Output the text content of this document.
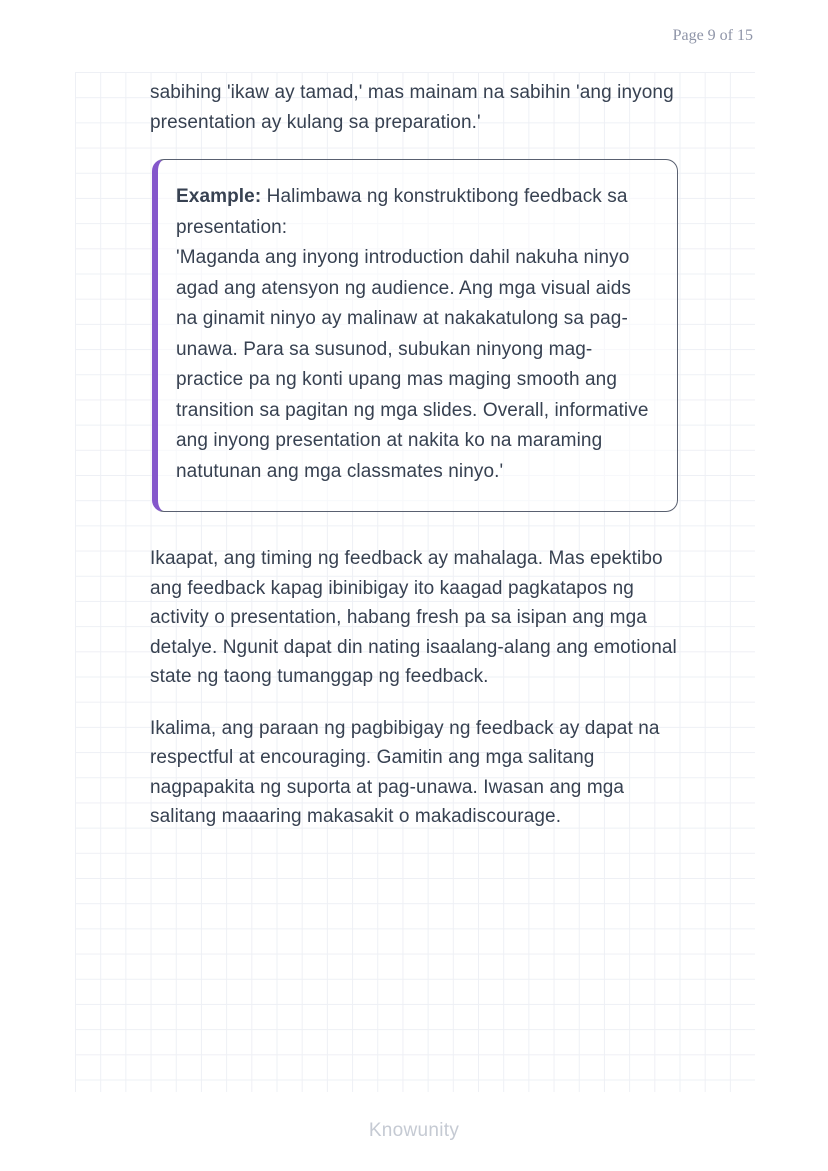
Page 9 of 15

sabihing 'ikaw ay tamad,' mas mainam na sabihin 'ang inyong presentation ay kulang sa preparation.'

Example: Halimbawa ng konstruktibong feedback sa presentation:
'Maganda ang inyong introduction dahil nakuha ninyo agad ang atensyon ng audience. Ang mga visual aids na ginamit ninyo ay malinaw at nakakatulong sa pag-unawa. Para sa susunod, subukan ninyong mag-practice pa ng konti upang mas maging smooth ang transition sa pagitan ng mga slides. Overall, informative ang inyong presentation at nakita ko na maraming natutunan ang mga classmates ninyo.'

Ikaapat, ang timing ng feedback ay mahalaga. Mas epektibo ang feedback kapag ibinibigay ito kaagad pagkatapos ng activity o presentation, habang fresh pa sa isipan ang mga detalye. Ngunit dapat din nating isaalang-alang ang emotional state ng taong tumanggap ng feedback.

Ikalima, ang paraan ng pagbibigay ng feedback ay dapat na respectful at encouraging. Gamitin ang mga salitang nagpapakita ng suporta at pag-unawa. Iwasan ang mga salitang maaaring makasakit o makadiscourage.

Knowunity
